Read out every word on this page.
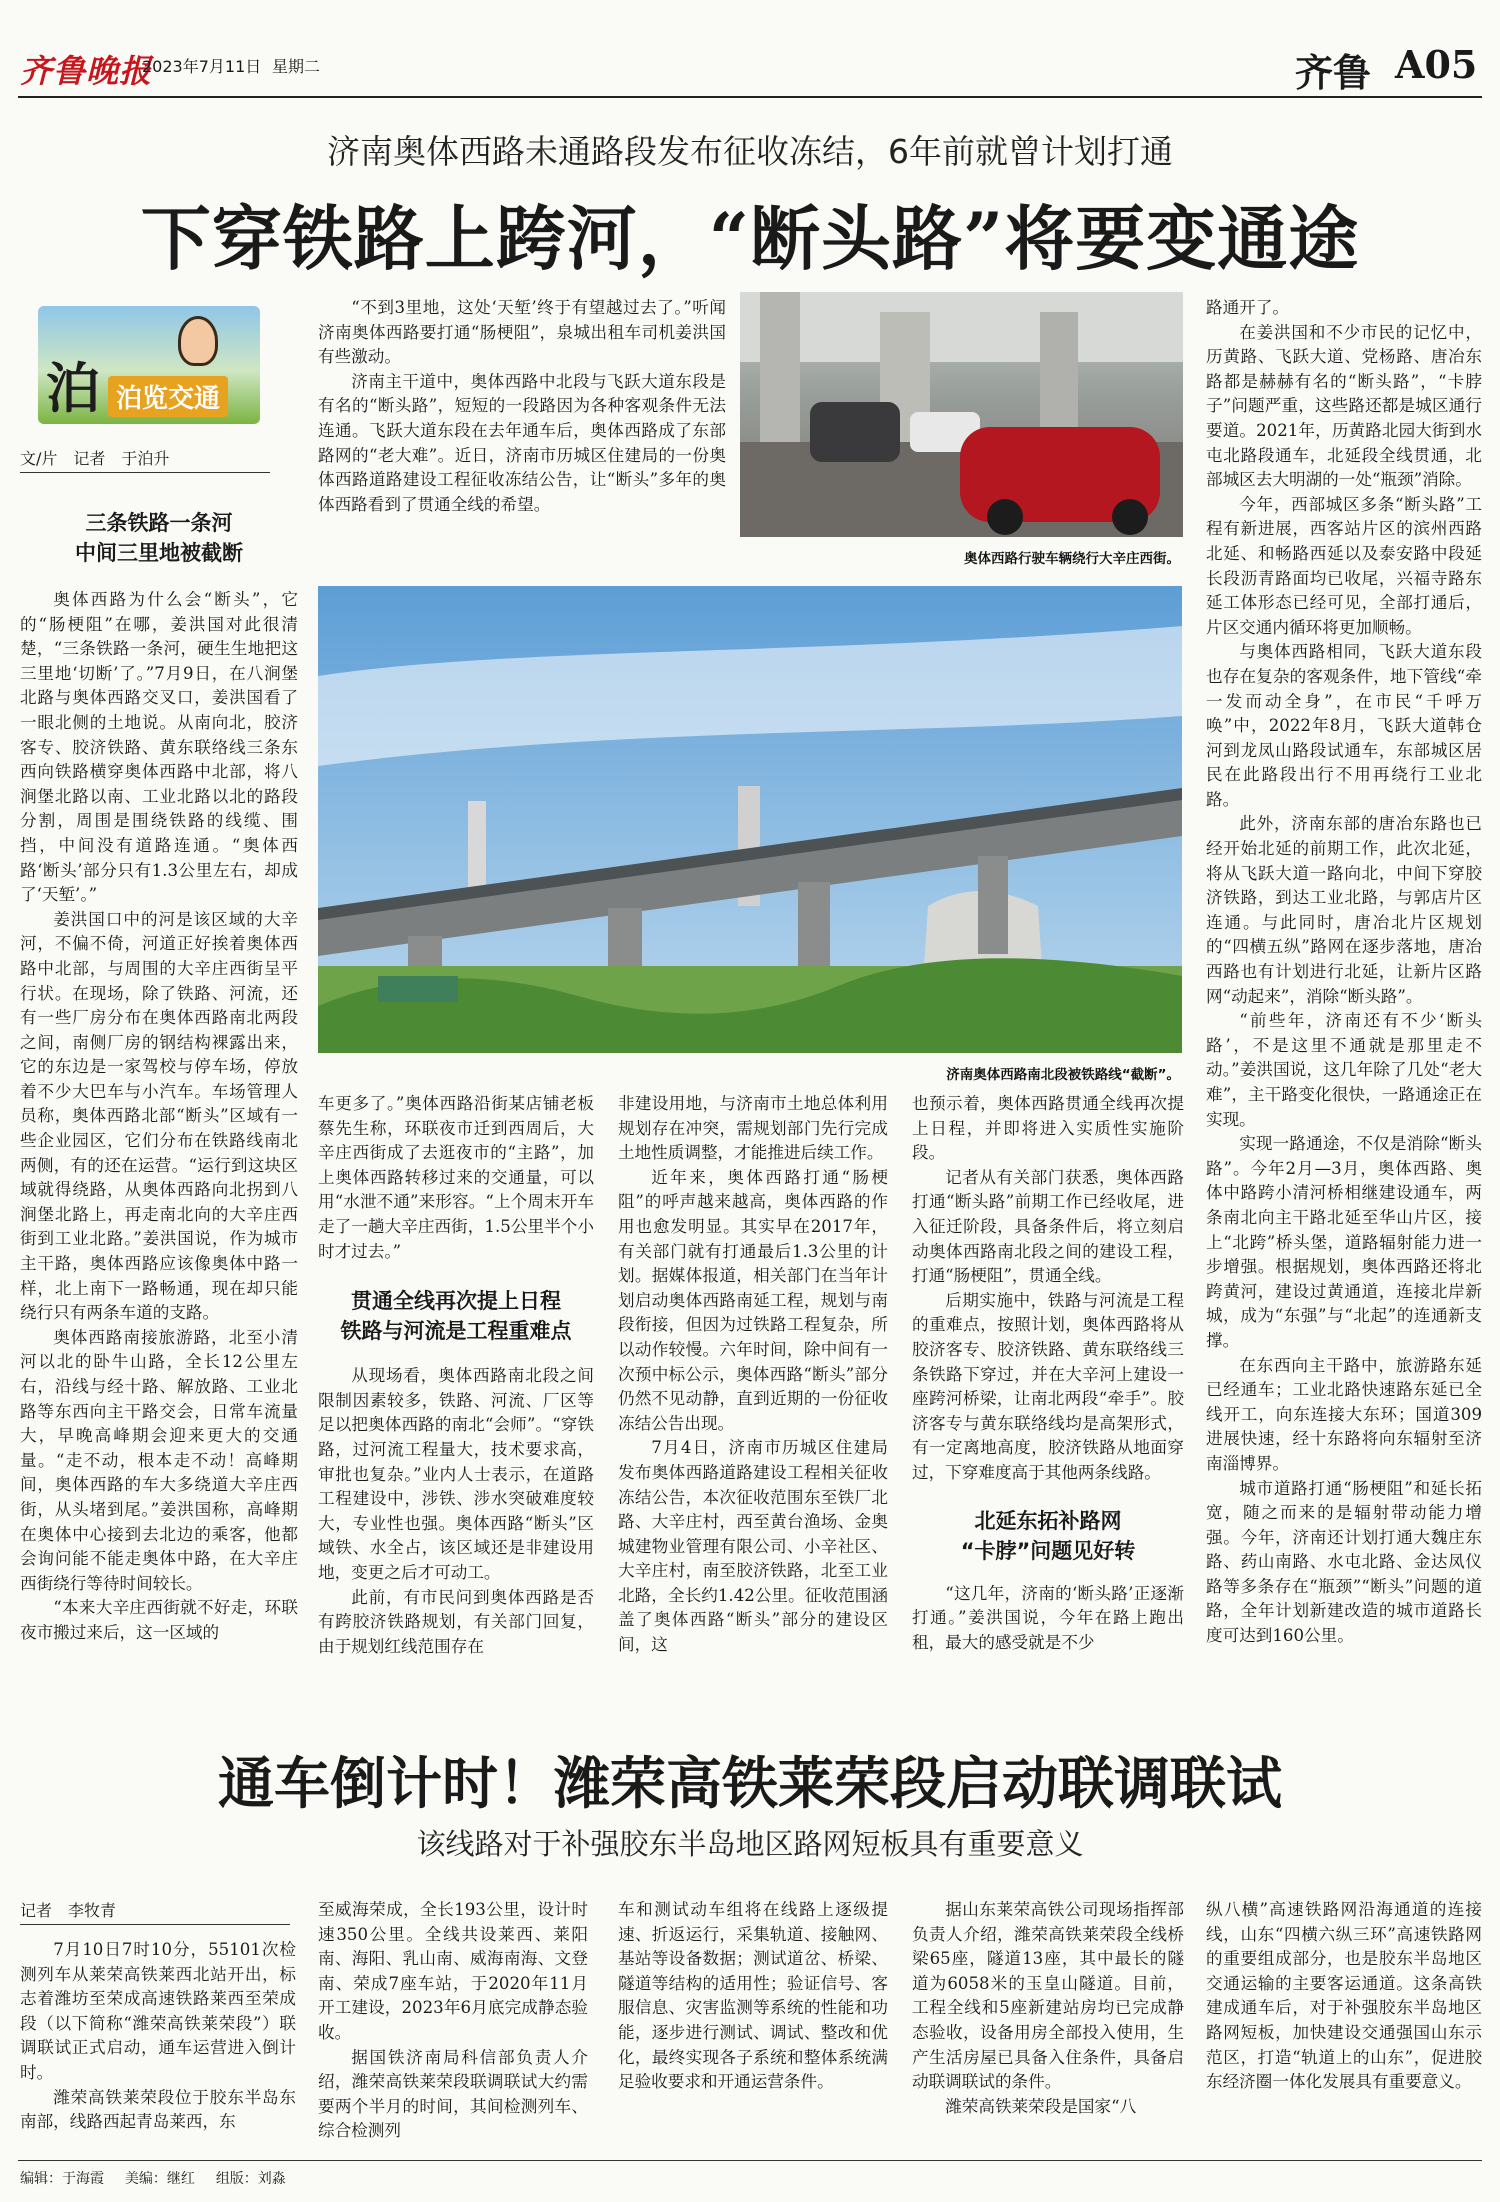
齐鲁晚报
2023年7月11日 星期二	齐鲁 A05
济南奥体西路未通路段发布征收冻结，6年前就曾计划打通
下穿铁路上跨河，“断头路”将要变通途
泊 泊览交通
文/片　记者　于泊升

三条铁路一条河
中间三里地被截断

奥体西路为什么会“断头”，它的“肠梗阻”在哪，姜洪国对此很清楚，“三条铁路一条河，硬生生地把这三里地‘切断’了。”7月9日，在八涧堡北路与奥体西路交叉口，姜洪国看了一眼北侧的土地说。从南向北，胶济客专、胶济铁路、黄东联络线三条东西向铁路横穿奥体西路中北部，将八涧堡北路以南、工业北路以北的路段分割，周围是围绕铁路的线缆、围挡，中间没有道路连通。“奥体西路‘断头’部分只有1.3公里左右，却成了‘天堑’。”

姜洪国口中的河是该区域的大辛河，不偏不倚，河道正好挨着奥体西路中北部，与周围的大辛庄西街呈平行状。在现场，除了铁路、河流，还有一些厂房分布在奥体西路南北两段之间，南侧厂房的钢结构裸露出来，它的东边是一家驾校与停车场，停放着不少大巴车与小汽车。车场管理人员称，奥体西路北部“断头”区域有一些企业园区，它们分布在铁路线南北两侧，有的还在运营。“运行到这块区域就得绕路，从奥体西路向北拐到八涧堡北路上，再走南北向的大辛庄西街到工业北路。”姜洪国说，作为城市主干路，奥体西路应该像奥体中路一样，北上南下一路畅通，现在却只能绕行只有两条车道的支路。

奥体西路南接旅游路，北至小清河以北的卧牛山路，全长12公里左右，沿线与经十路、解放路、工业北路等东西向主干路交会，日常车流量大，早晚高峰期会迎来更大的交通量。“走不动，根本走不动！高峰期间，奥体西路的车大多绕道大辛庄西街，从头堵到尾。”姜洪国称，高峰期在奥体中心接到去北边的乘客，他都会询问能不能走奥体中路，在大辛庄西街绕行等待时间较长。

“本来大辛庄西街就不好走，环联夜市搬过来后，这一区域的

“不到3里地，这处‘天堑’终于有望越过去了。”听闻济南奥体西路要打通“肠梗阻”，泉城出租车司机姜洪国有些激动。

济南主干道中，奥体西路中北段与飞跃大道东段是有名的“断头路”，短短的一段路因为各种客观条件无法连通。飞跃大道东段在去年通车后，奥体西路成了东部路网的“老大难”。近日，济南市历城区住建局的一份奥体西路道路建设工程征收冻结公告，让“断头”多年的奥体西路看到了贯通全线的希望。

奥体西路行驶车辆绕行大辛庄西街。
济南奥体西路南北段被铁路线“截断”。

车更多了。”奥体西路沿街某店铺老板蔡先生称，环联夜市迁到西周后，大辛庄西街成了去逛夜市的“主路”，加上奥体西路转移过来的交通量，可以用“水泄不通”来形容。“上个周末开车走了一趟大辛庄西街，1.5公里半个小时才过去。”

贯通全线再次提上日程
铁路与河流是工程重难点

从现场看，奥体西路南北段之间限制因素较多，铁路、河流、厂区等足以把奥体西路的南北“会师”。“穿铁路，过河流工程量大，技术要求高，审批也复杂。”业内人士表示，在道路工程建设中，涉铁、涉水突破难度较大，专业性也强。奥体西路“断头”区域铁、水全占，该区域还是非建设用地，变更之后才可动工。

此前，有市民问到奥体西路是否有跨胶济铁路规划，有关部门回复，由于规划红线范围存在

非建设用地，与济南市土地总体利用规划存在冲突，需规划部门先行完成土地性质调整，才能推进后续工作。

近年来，奥体西路打通“肠梗阻”的呼声越来越高，奥体西路的作用也愈发明显。其实早在2017年，有关部门就有打通最后1.3公里的计划。据媒体报道，相关部门在当年计划启动奥体西路南延工程，规划与南段衔接，但因为过铁路工程复杂，所以动作较慢。六年时间，除中间有一次预中标公示，奥体西路“断头”部分仍然不见动静，直到近期的一份征收冻结公告出现。

7月4日，济南市历城区住建局发布奥体西路道路建设工程相关征收冻结公告，本次征收范围东至铁厂北路、大辛庄村，西至黄台渔场、金奥城建物业管理有限公司、小辛社区、大辛庄村，南至胶济铁路，北至工业北路，全长约1.42公里。征收范围涵盖了奥体西路“断头”部分的建设区间，这

也预示着，奥体西路贯通全线再次提上日程，并即将进入实质性实施阶段。

记者从有关部门获悉，奥体西路打通“断头路”前期工作已经收尾，进入征迁阶段，具备条件后，将立刻启动奥体西路南北段之间的建设工程，打通“肠梗阻”，贯通全线。

后期实施中，铁路与河流是工程的重难点，按照计划，奥体西路将从胶济客专、胶济铁路、黄东联络线三条铁路下穿过，并在大辛河上建设一座跨河桥梁，让南北两段“牵手”。胶济客专与黄东联络线均是高架形式，有一定离地高度，胶济铁路从地面穿过，下穿难度高于其他两条线路。

北延东拓补路网
“卡脖”问题见好转

“这几年，济南的‘断头路’正逐渐打通。”姜洪国说，今年在路上跑出租，最大的感受就是不少

路通开了。

在姜洪国和不少市民的记忆中，历黄路、飞跃大道、党杨路、唐冶东路都是赫赫有名的“断头路”，“卡脖子”问题严重，这些路还都是城区通行要道。2021年，历黄路北园大街到水屯北路段通车，北延段全线贯通，北部城区去大明湖的一处“瓶颈”消除。

今年，西部城区多条“断头路”工程有新进展，西客站片区的滨州西路北延、和畅路西延以及泰安路中段延长段沥青路面均已收尾，兴福寺路东延工体形态已经可见，全部打通后，片区交通内循环将更加顺畅。

与奥体西路相同，飞跃大道东段也存在复杂的客观条件，地下管线“牵一发而动全身”，在市民“千呼万唤”中，2022年8月，飞跃大道韩仓河到龙凤山路段试通车，东部城区居民在此路段出行不用再绕行工业北路。

此外，济南东部的唐冶东路也已经开始北延的前期工作，此次北延，将从飞跃大道一路向北，中间下穿胶济铁路，到达工业北路，与郭店片区连通。与此同时，唐冶北片区规划的“四横五纵”路网在逐步落地，唐冶西路也有计划进行北延，让新片区路网“动起来”，消除“断头路”。

“前些年，济南还有不少‘断头路’，不是这里不通就是那里走不动。”姜洪国说，这几年除了几处“老大难”，主干路变化很快，一路通途正在实现。

实现一路通途，不仅是消除“断头路”。今年2月—3月，奥体西路、奥体中路跨小清河桥相继建设通车，两条南北向主干路北延至华山片区，接上“北跨”桥头堡，道路辐射能力进一步增强。根据规划，奥体西路还将北跨黄河，建设过黄通道，连接北岸新城，成为“东强”与“北起”的连通新支撑。

在东西向主干路中，旅游路东延已经通车；工业北路快速路东延已全线开工，向东连接大东环；国道309进展快速，经十东路将向东辐射至济南淄博界。

城市道路打通“肠梗阻”和延长拓宽，随之而来的是辐射带动能力增强。今年，济南还计划打通大魏庄东路、药山南路、水屯北路、金达凤仪路等多条存在“瓶颈”“断头”问题的道路，全年计划新建改造的城市道路长度可达到160公里。

通车倒计时！潍荣高铁莱荣段启动联调联试
该线路对于补强胶东半岛地区路网短板具有重要意义
记者　李牧青

7月10日7时10分，55101次检测列车从莱荣高铁莱西北站开出，标志着潍坊至荣成高速铁路莱西至荣成段（以下简称“潍荣高铁莱荣段”）联调联试正式启动，通车运营进入倒计时。

潍荣高铁莱荣段位于胶东半岛东南部，线路西起青岛莱西，东

至威海荣成，全长193公里，设计时速350公里。全线共设莱西、莱阳南、海阳、乳山南、威海南海、文登南、荣成7座车站，于2020年11月开工建设，2023年6月底完成静态验收。

据国铁济南局科信部负责人介绍，潍荣高铁莱荣段联调联试大约需要两个半月的时间，其间检测列车、综合检测列

车和测试动车组将在线路上逐级提速、折返运行，采集轨道、接触网、基站等设备数据；测试道岔、桥梁、隧道等结构的适用性；验证信号、客服信息、灾害监测等系统的性能和功能，逐步进行测试、调试、整改和优化，最终实现各子系统和整体系统满足验收要求和开通运营条件。

据山东莱荣高铁公司现场指挥部负责人介绍，潍荣高铁莱荣段全线桥梁65座，隧道13座，其中最长的隧道为6058米的玉皇山隧道。目前，工程全线和5座新建站房均已完成静态验收，设备用房全部投入使用，生产生活房屋已具备入住条件，具备启动联调联试的条件。

潍荣高铁莱荣段是国家“八

纵八横”高速铁路网沿海通道的连接线，山东“四横六纵三环”高速铁路网的重要组成部分，也是胶东半岛地区交通运输的主要客运通道。这条高铁建成通车后，对于补强胶东半岛地区路网短板，加快建设交通强国山东示范区，打造“轨道上的山东”，促进胶东经济圈一体化发展具有重要意义。

编辑：于海霞 美编：继红 组版：刘淼
